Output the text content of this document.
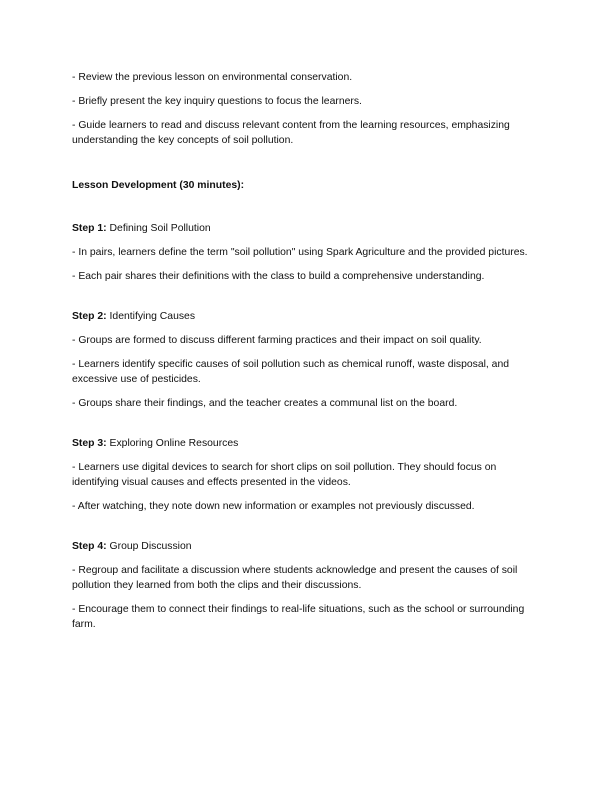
- Review the previous lesson on environmental conservation.

- Briefly present the key inquiry questions to focus the learners.

- Guide learners to read and discuss relevant content from the learning resources, emphasizing understanding the key concepts of soil pollution.

Lesson Development (30 minutes):

Step 1: Defining Soil Pollution

- In pairs, learners define the term "soil pollution" using Spark Agriculture and the provided pictures.

- Each pair shares their definitions with the class to build a comprehensive understanding.

Step 2: Identifying Causes

- Groups are formed to discuss different farming practices and their impact on soil quality.

- Learners identify specific causes of soil pollution such as chemical runoff, waste disposal, and excessive use of pesticides.

- Groups share their findings, and the teacher creates a communal list on the board.

Step 3: Exploring Online Resources

- Learners use digital devices to search for short clips on soil pollution. They should focus on identifying visual causes and effects presented in the videos.

- After watching, they note down new information or examples not previously discussed.

Step 4: Group Discussion

- Regroup and facilitate a discussion where students acknowledge and present the causes of soil pollution they learned from both the clips and their discussions.

- Encourage them to connect their findings to real-life situations, such as the school or surrounding farm.
